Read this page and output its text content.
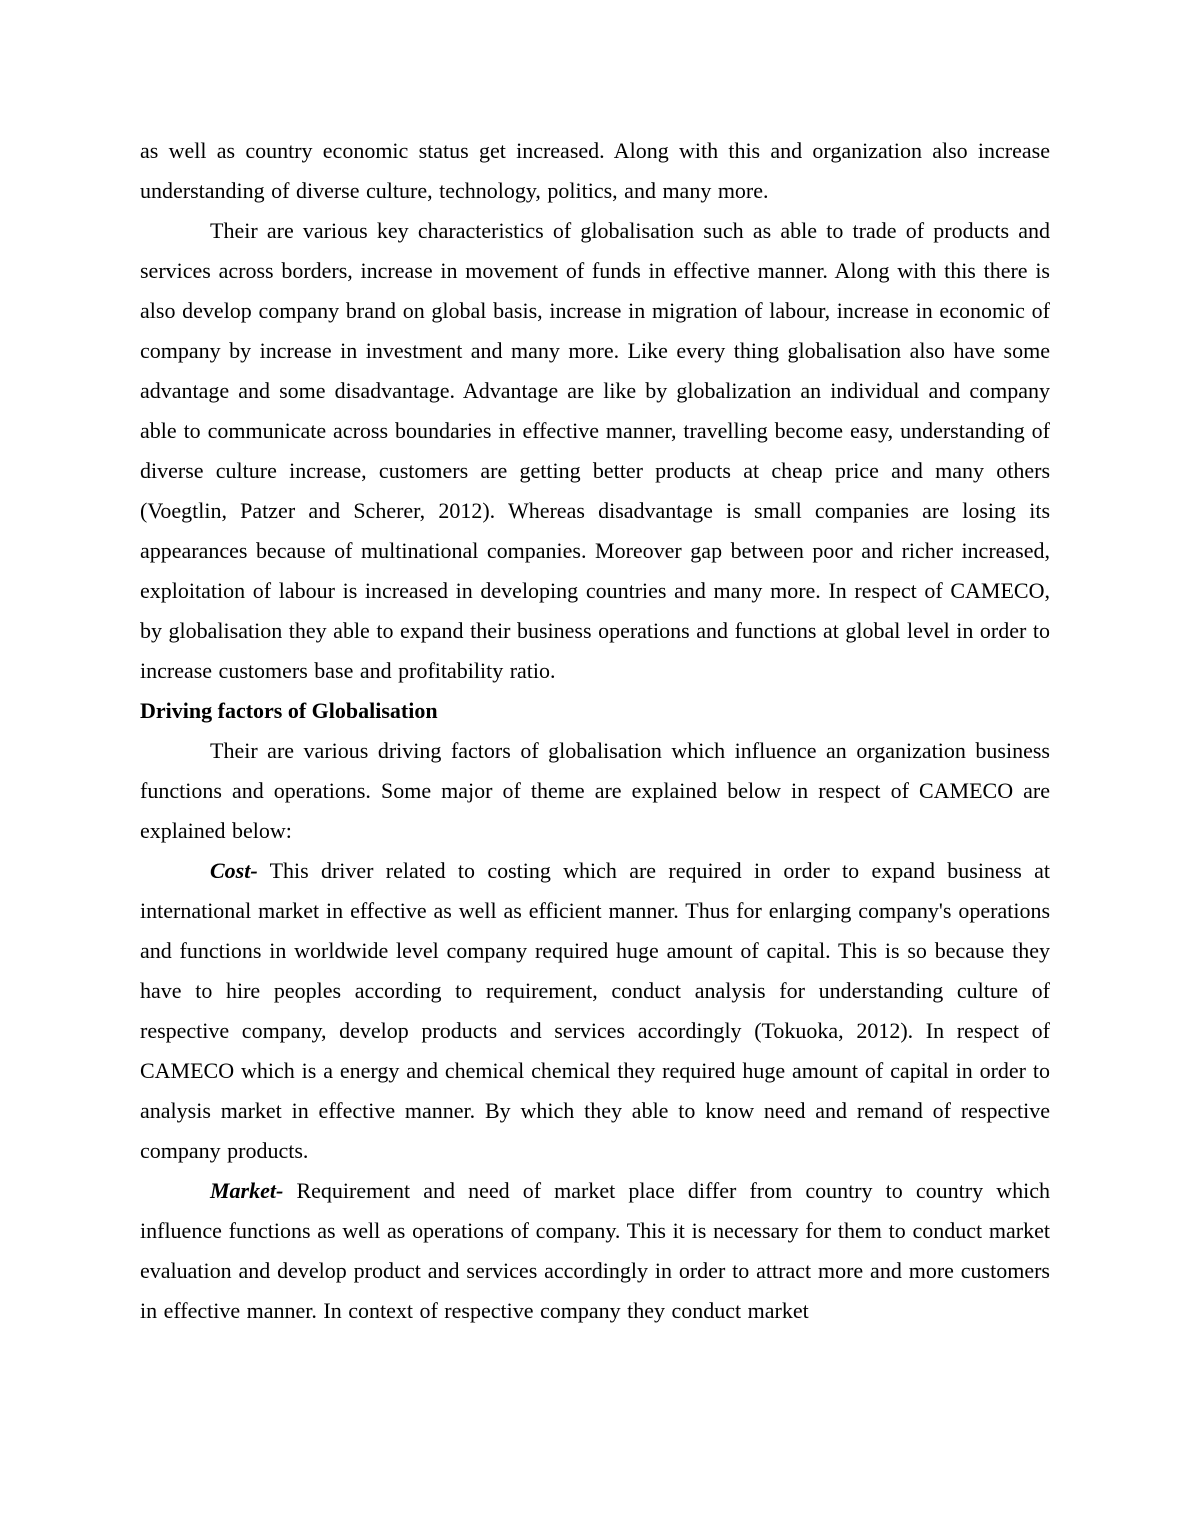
as well as country economic status get increased. Along with this and organization also increase understanding of diverse culture, technology, politics, and many more.

Their are various key characteristics of globalisation such as able to trade of products and services across borders, increase in movement of funds in effective manner. Along with this there is also develop company brand on global basis, increase in migration of labour, increase in economic of company by increase in investment and many more. Like every thing globalisation also have some advantage and some disadvantage. Advantage are like by globalization an individual and company able to communicate across boundaries in effective manner, travelling become easy, understanding of diverse culture increase, customers are getting better products at cheap price and many others (Voegtlin, Patzer and Scherer, 2012). Whereas disadvantage is small companies are losing its appearances because of multinational companies. Moreover gap between poor and richer increased, exploitation of labour is increased in developing countries and many more. In respect of CAMECO, by globalisation they able to expand their business operations and functions at global level in order to increase customers base and profitability ratio.

Driving factors of Globalisation

Their are various driving factors of globalisation which influence an organization business functions and operations. Some major of theme are explained below in respect of CAMECO are explained below:

Cost- This driver related to costing which are required in order to expand business at international market in effective as well as efficient manner. Thus for enlarging company's operations and functions in worldwide level company required huge amount of capital. This is so because they have to hire peoples according to requirement, conduct analysis for understanding culture of respective company, develop products and services accordingly (Tokuoka, 2012). In respect of CAMECO which is a energy and chemical chemical they required huge amount of capital in order to analysis market in effective manner. By which they able to know need and remand of respective company products.

Market- Requirement and need of market place differ from country to country which influence functions as well as operations of company. This it is necessary for them to conduct market evaluation and develop product and services accordingly in order to attract more and more customers in effective manner. In context of respective company they conduct market
